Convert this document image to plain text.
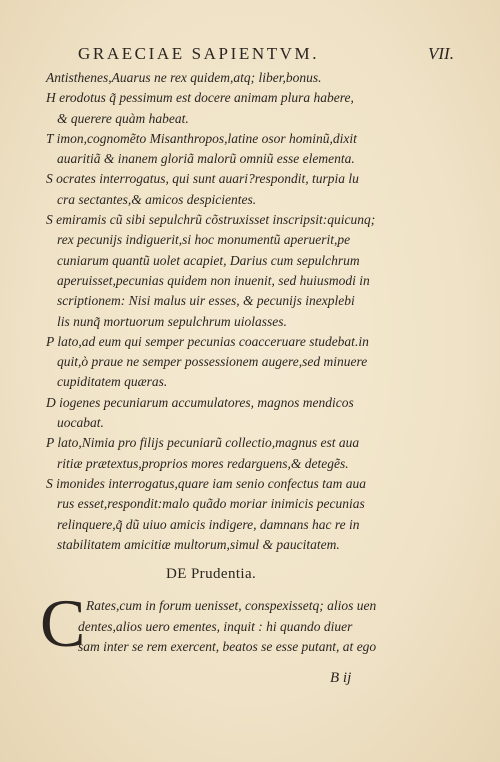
GRAECIAE SAPIENTVM.	VII.

Antisthenes,Auarus ne rex quidem,atq; liber,bonus.

H erodotus q̃ pessimum est docere animam plura habere,
& querere quàm habeat.

T imon,cognomẽto Misanthropos,latine osor hominũ,dixit
auaritiã & inanem gloriã malorũ omniũ esse elementa.

S ocrates interrogatus, qui sunt auari?respondit, turpia lu
cra sectantes,& amicos despicientes.

S emiramis cũ sibi sepulchrũ cõstruxisset inscripsit:quicunq;
rex pecunijs indiguerit,si hoc monumentũ aperuerit,pe
cuniarum quantũ uolet acapiet, Darius cum sepulchrum
aperuisset,pecunias quidem non inuenit, sed huiusmodi in
scriptionem: Nisi malus uir esses, & pecunijs inexplebi
lis nunq̃ mortuorum sepulchrum uiolasses.

P lato,ad eum qui semper pecunias coacceruare studebat.in
quit,ò praue ne semper possessionem augere,sed minuere
cupiditatem quæras.

D iogenes pecuniarum accumulatores, magnos mendicos
uocabat.

P lato,Nimia pro filijs pecuniarũ collectio,magnus est aua
ritiæ prætextus,proprios mores redarguens,& detegẽs.

S imonides interrogatus,quare iam senio confectus tam aua
rus esset,respondit:malo quãdo moriar inimicis pecunias
relinquere,q̃ dũ uiuo amicis indigere, damnans hac re in
stabilitatem amicitiæ multorum,simul & paucitatem.

DE Prudentia.
C Rates,cum in forum uenisset, conspexissetq; alios uen
dentes,alios uero ementes, inquit : hi quando diuer
sam inter se rem exercent, beatos se esse putant, at ego
B ij
